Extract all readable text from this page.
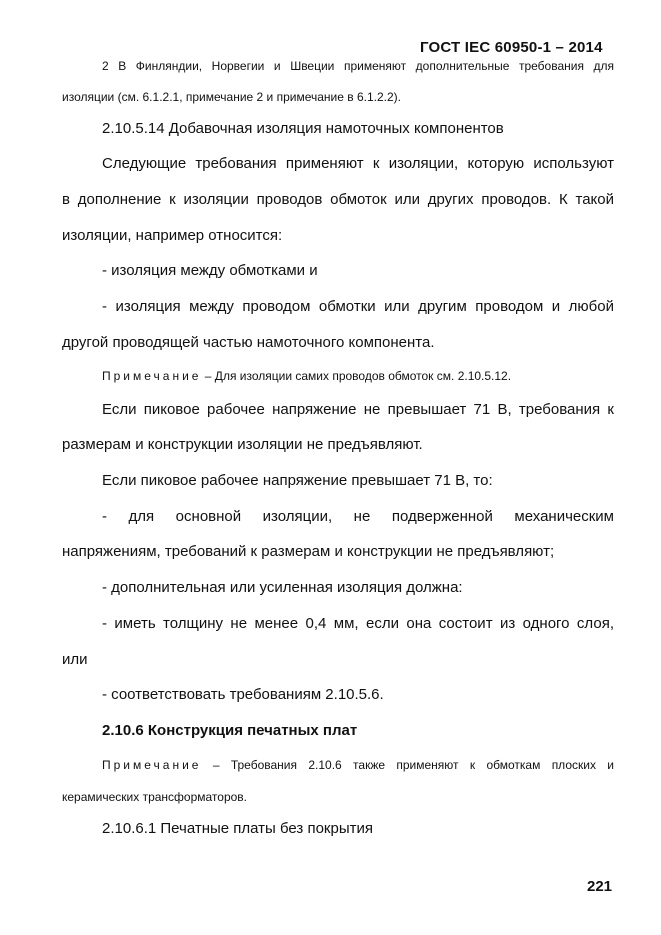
ГОСТ IEC 60950-1 – 2014
2 В Финляндии, Норвегии и Швеции применяют дополнительные требования для
изоляции (см. 6.1.2.1, примечание 2 и примечание в 6.1.2.2).
2.10.5.14 Добавочная изоляция намоточных компонентов
Следующие требования применяют к изоляции, которую используют
в дополнение к изоляции проводов обмоток или других проводов. К такой
изоляции, например относится:
- изоляция между обмотками и
- изоляция между проводом обмотки или другим проводом и любой
другой проводящей частью намоточного компонента.
Примечание – Для изоляции самих проводов обмоток см. 2.10.5.12.
Если пиковое рабочее напряжение не превышает 71 В, требования к
размерам и конструкции изоляции не предъявляют.
Если пиковое рабочее напряжение превышает 71 В, то:
- для основной изоляции, не подверженной механическим
напряжениям, требований к размерам и конструкции не предъявляют;
- дополнительная или усиленная изоляция должна:
- иметь толщину не менее 0,4 мм, если она состоит из одного слоя,
или
- соответствовать требованиям 2.10.5.6.
2.10.6 Конструкция печатных плат
Примечание – Требования 2.10.6 также применяют к обмоткам плоских и
керамических трансформаторов.
2.10.6.1 Печатные платы без покрытия
221
